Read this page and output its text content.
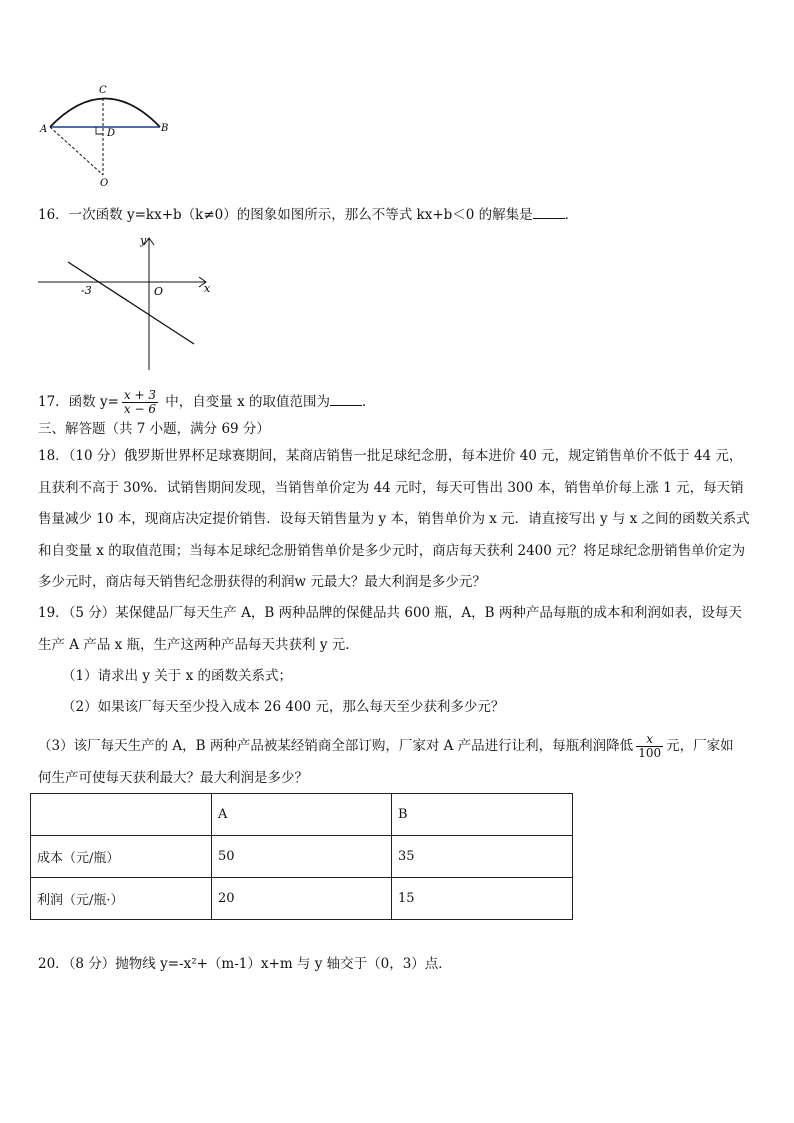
A	B
C
D
O
16．一次函数 y=kx+b（k≠0）的图象如图所示，那么不等式 kx+b＜0 的解集是 ．
y
x
O
-3
17．函数 $y= \frac{x + 3}{x - 6}$ 中，自变量 x 的取值范围为 ．
三、解答题（共 7 小题，满分 69 分）
18．（10 分）俄罗斯世界杯足球赛期间，某商店销售一批足球纪念册，每本进价 40 元，规定销售单价不低于 44 元，
且获利不高于 30%．试销售期间发现，当销售单价定为 44 元时，每天可售出 300 本，销售单价每上涨 1 元，每天销
售量减少 10 本，现商店决定提价销售．设每天销售量为 y 本，销售单价为 x 元．请直接写出 y 与 x 之间的函数关系式
和自变量 x 的取值范围；当每本足球纪念册销售单价是多少元时，商店每天获利 2400 元？将足球纪念册销售单价定为
多少元时，商店每天销售纪念册获得的利润w 元最大？最大利润是多少元？
19．（5 分）某保健品厂每天生产 A，B 两种品牌的保健品共 600 瓶，A，B 两种产品每瓶的成本和利润如表，设每天
生产 A 产品 x 瓶，生产这两种产品每天共获利 y 元．
（1）请求出 y 关于 x 的函数关系式；
（2）如果该厂每天至少投入成本 26 400 元，那么每天至少获利多少元？
（3）该厂每天生产的 A，B 两种产品被某经销商全部订购，厂家对 A 产品进行让利，每瓶利润降低 $\frac{x}{100}$ 元，厂家如
何生产可使每天获利最大？最大利润是多少？
	A	B
成本（元/瓶）	50	35
利润（元/瓶·）	20	15
20．（8 分）抛物线 y=-x²+（m-1）x+m 与 y 轴交于（0，3）点．
